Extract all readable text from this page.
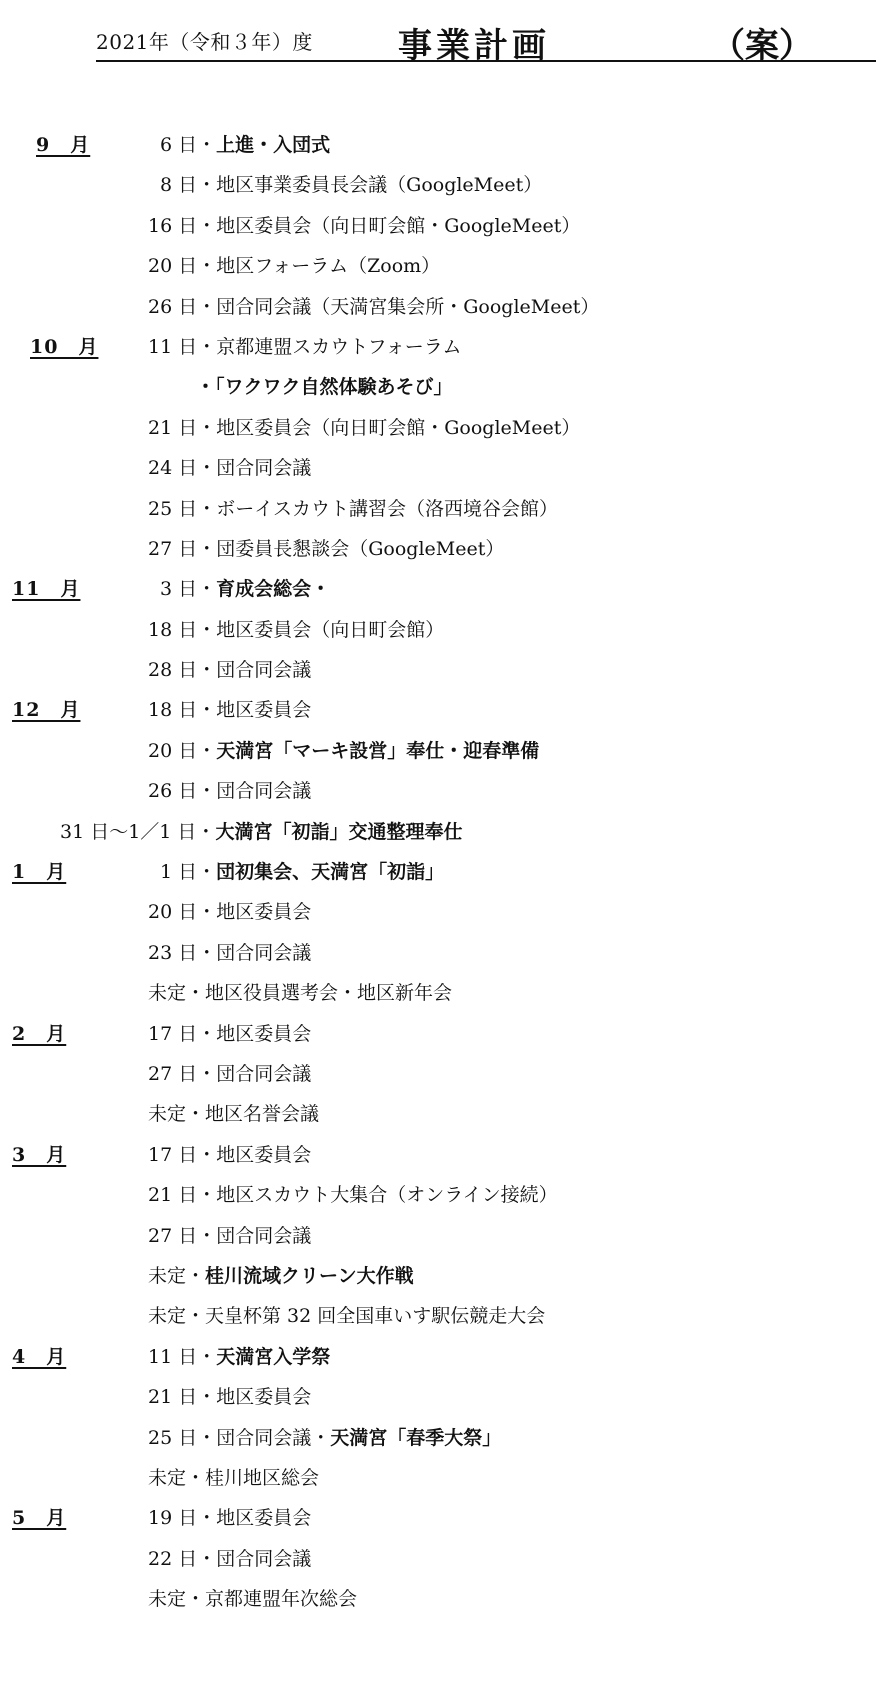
2021年（令和３年）度	事業計画	（案）
9　月	6 日・上進・入団式
8 日・地区事業委員長会議（GoogleMeet）
16 日・地区委員会（向日町会館・GoogleMeet）
20 日・地区フォーラム（Zoom）
26 日・団合同会議（天満宮集会所・GoogleMeet）
10　月	11 日・京都連盟スカウトフォーラム
・「ワクワク自然体験あそび」
21 日・地区委員会（向日町会館・GoogleMeet）
24 日・団合同会議
25 日・ボーイスカウト講習会（洛西境谷会館）
27 日・団委員長懇談会（GoogleMeet）
11　月	3 日・育成会総会・
18 日・地区委員会（向日町会館）
28 日・団合同会議
12　月	18 日・地区委員会
20 日・天満宮「マーキ設営」奉仕・迎春準備
26 日・団合同会議
31 日～1／1 日・大満宮「初詣」交通整理奉仕
1　月	1 日・団初集会、天満宮「初詣」
20 日・地区委員会
23 日・団合同会議
未定・地区役員選考会・地区新年会
2　月	17 日・地区委員会
27 日・団合同会議
未定・地区名誉会議
3　月	17 日・地区委員会
21 日・地区スカウト大集合（オンライン接続）
27 日・団合同会議
未定・桂川流域クリーン大作戦
未定・天皇杯第 32 回全国車いす駅伝競走大会
4　月	11 日・天満宮入学祭
21 日・地区委員会
25 日・団合同会議・天満宮「春季大祭」
未定・桂川地区総会
5　月	19 日・地区委員会
22 日・団合同会議
未定・京都連盟年次総会
